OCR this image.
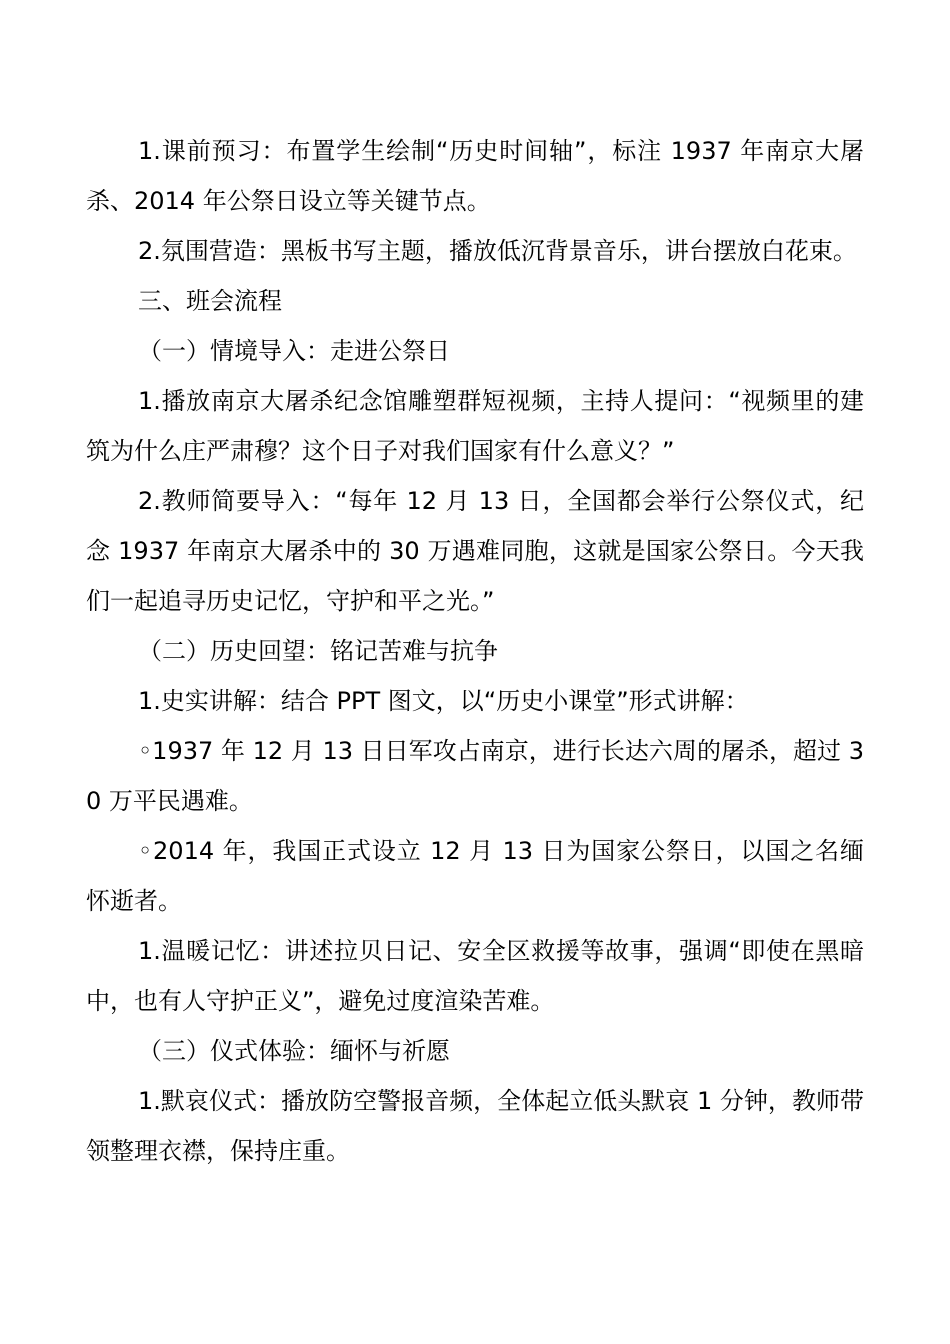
1.课前预习：布置学生绘制“历史时间轴”，标注 1937 年南京大屠杀、2014 年公祭日设立等关键节点。

2.氛围营造：黑板书写主题，播放低沉背景音乐，讲台摆放白花束。

三、班会流程

（一）情境导入：走进公祭日

1.播放南京大屠杀纪念馆雕塑群短视频，主持人提问：“视频里的建筑为什么庄严肃穆？这个日子对我们国家有什么意义？”

2.教师简要导入：“每年 12 月 13 日，全国都会举行公祭仪式，纪念 1937 年南京大屠杀中的 30 万遇难同胞，这就是国家公祭日。今天我们一起追寻历史记忆，守护和平之光。”

（二）历史回望：铭记苦难与抗争

1.史实讲解：结合 PPT 图文，以“历史小课堂”形式讲解：

◦1937 年 12 月 13 日日军攻占南京，进行长达六周的屠杀，超过 30 万平民遇难。

◦2014 年，我国正式设立 12 月 13 日为国家公祭日，以国之名缅怀逝者。

1.温暖记忆：讲述拉贝日记、安全区救援等故事，强调“即使在黑暗中，也有人守护正义”，避免过度渲染苦难。

（三）仪式体验：缅怀与祈愿

1.默哀仪式：播放防空警报音频，全体起立低头默哀 1 分钟，教师带领整理衣襟，保持庄重。
